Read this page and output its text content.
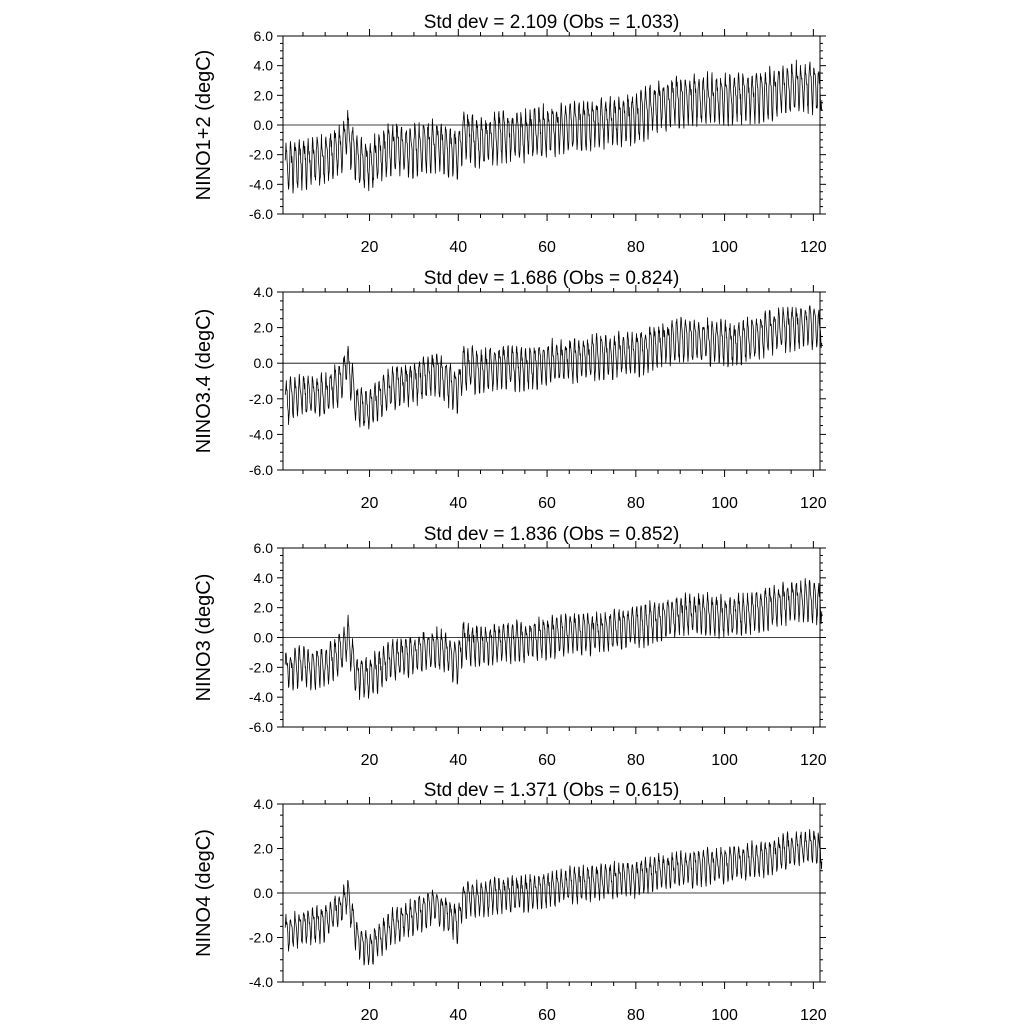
Std dev = 2.109 (Obs = 1.033)
NINO1+2 (degC)
-6.0
-4.0
-2.0
0.0
2.0
4.0
6.0
20	40	60	80	100	120
Std dev = 1.686 (Obs = 0.824)
NINO3.4 (degC)
-6.0
-4.0
-2.0
0.0
2.0
4.0
20	40	60	80	100	120
Std dev = 1.836 (Obs = 0.852)
NINO3 (degC)
-6.0
-4.0
-2.0
0.0
2.0
4.0
6.0
20	40	60	80	100	120
Std dev = 1.371 (Obs = 0.615)
NINO4 (degC)
-4.0
-2.0
0.0
2.0
4.0
20	40	60	80	100	120
